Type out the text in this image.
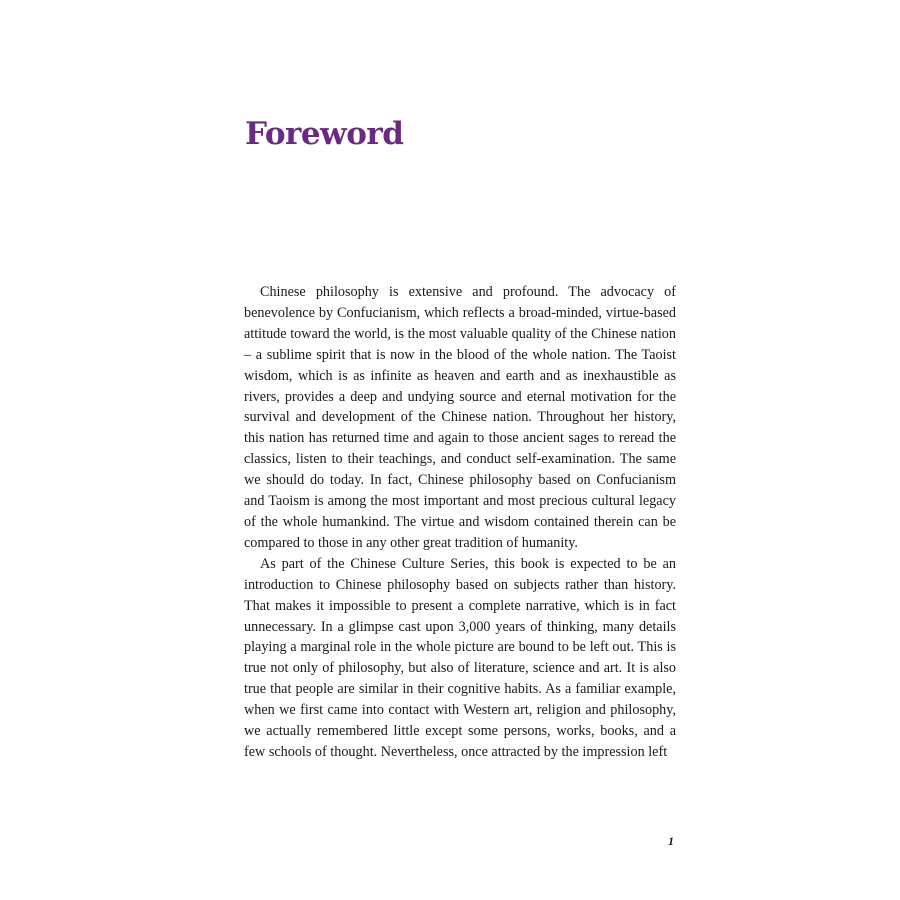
Foreword

Chinese philosophy is extensive and profound. The advocacy of benevolence by Confucianism, which reflects a broad-minded, virtue-based attitude toward the world, is the most valuable quality of the Chinese nation – a sublime spirit that is now in the blood of the whole nation. The Taoist wisdom, which is as infinite as heaven and earth and as inexhaustible as rivers, provides a deep and undying source and eternal motivation for the survival and development of the Chinese nation. Throughout her history, this nation has returned time and again to those ancient sages to reread the classics, listen to their teachings, and conduct self-examination. The same we should do today. In fact, Chinese philosophy based on Confucianism and Taoism is among the most important and most precious cultural legacy of the whole humankind. The virtue and wisdom contained therein can be compared to those in any other great tradition of humanity.

As part of the Chinese Culture Series, this book is expected to be an introduction to Chinese philosophy based on subjects rather than history. That makes it impossible to present a complete narrative, which is in fact unnecessary. In a glimpse cast upon 3,000 years of thinking, many details playing a marginal role in the whole picture are bound to be left out. This is true not only of philosophy, but also of literature, science and art. It is also true that people are similar in their cognitive habits. As a familiar example, when we first came into contact with Western art, religion and philosophy, we actually remembered little except some persons, works, books, and a few schools of thought. Nevertheless, once attracted by the impression left

1
